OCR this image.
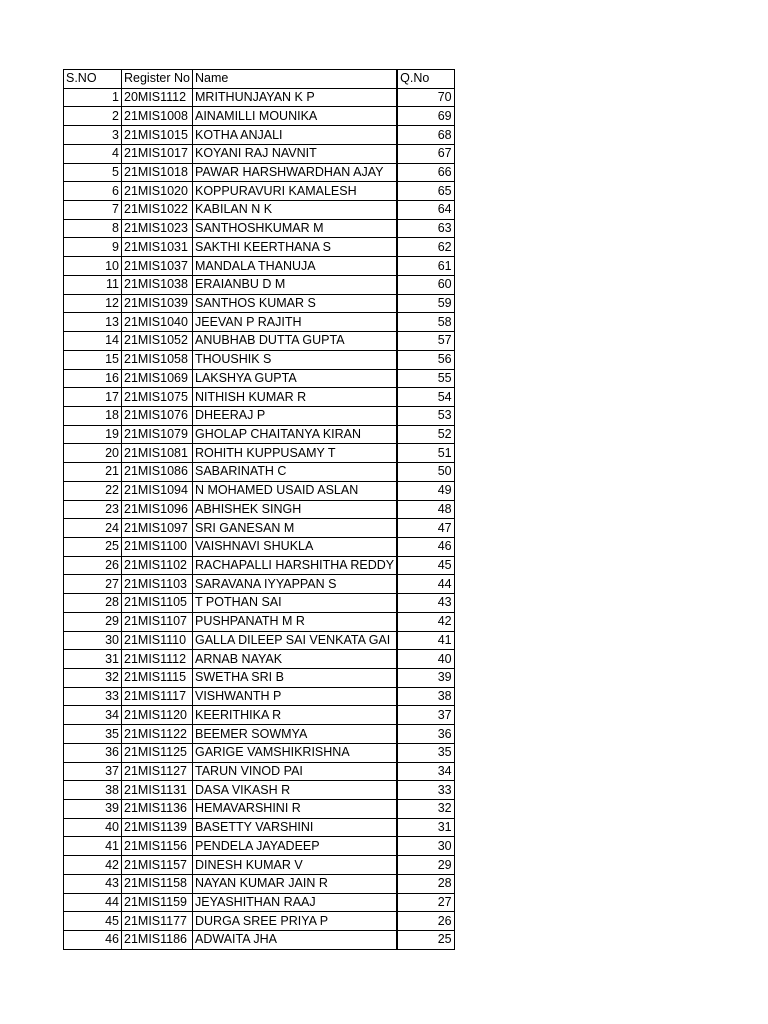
S.NO	Register No	Name	Q.No
1	20MIS1112	MRITHUNJAYAN K P	70
2	21MIS1008	AINAMILLI MOUNIKA	69
3	21MIS1015	KOTHA ANJALI	68
4	21MIS1017	KOYANI RAJ NAVNIT	67
5	21MIS1018	PAWAR HARSHWARDHAN AJAY	66
6	21MIS1020	KOPPURAVURI KAMALESH	65
7	21MIS1022	KABILAN N K	64
8	21MIS1023	SANTHOSHKUMAR M	63
9	21MIS1031	SAKTHI KEERTHANA S	62
10	21MIS1037	MANDALA THANUJA	61
11	21MIS1038	ERAIANBU D M	60
12	21MIS1039	SANTHOS KUMAR S	59
13	21MIS1040	JEEVAN P RAJITH	58
14	21MIS1052	ANUBHAB DUTTA GUPTA	57
15	21MIS1058	THOUSHIK S	56
16	21MIS1069	LAKSHYA GUPTA	55
17	21MIS1075	NITHISH KUMAR R	54
18	21MIS1076	DHEERAJ P	53
19	21MIS1079	GHOLAP CHAITANYA KIRAN	52
20	21MIS1081	ROHITH KUPPUSAMY T	51
21	21MIS1086	SABARINATH C	50
22	21MIS1094	N MOHAMED USAID ASLAN	49
23	21MIS1096	ABHISHEK SINGH	48
24	21MIS1097	SRI GANESAN M	47
25	21MIS1100	VAISHNAVI SHUKLA	46
26	21MIS1102	RACHAPALLI HARSHITHA REDDY	45
27	21MIS1103	SARAVANA IYYAPPAN S	44
28	21MIS1105	T POTHAN SAI	43
29	21MIS1107	PUSHPANATH M R	42
30	21MIS1110	GALLA DILEEP SAI VENKATA GAI	41
31	21MIS1112	ARNAB NAYAK	40
32	21MIS1115	SWETHA SRI B	39
33	21MIS1117	VISHWANTH P	38
34	21MIS1120	KEERITHIKA R	37
35	21MIS1122	BEEMER SOWMYA	36
36	21MIS1125	GARIGE VAMSHIKRISHNA	35
37	21MIS1127	TARUN VINOD PAI	34
38	21MIS1131	DASA VIKASH R	33
39	21MIS1136	HEMAVARSHINI R	32
40	21MIS1139	BASETTY VARSHINI	31
41	21MIS1156	PENDELA JAYADEEP	30
42	21MIS1157	DINESH KUMAR V	29
43	21MIS1158	NAYAN KUMAR JAIN R	28
44	21MIS1159	JEYASHITHAN RAAJ	27
45	21MIS1177	DURGA SREE PRIYA P	26
46	21MIS1186	ADWAITA JHA	25
